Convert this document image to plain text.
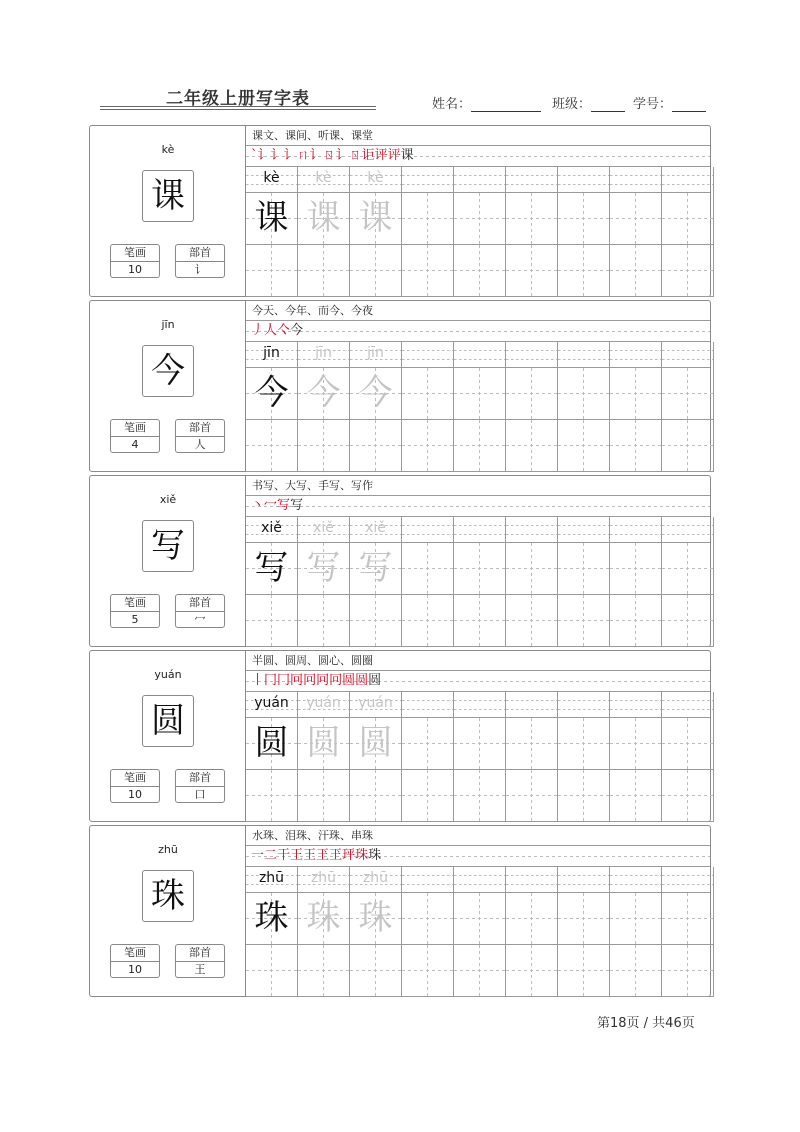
二年级上册写字表	姓名：	班级：	学号：
kè
课
笔画
10
部首
讠
课文、课间、听课、课堂
`讠讠讠ㄇ讠ㄖ讠ㄖ讵评评课
kè	kè	kè
课 课 课
jīn
今
笔画
4
部首
人
今天、今年、而今、今夜
丿人亽今
jīn	jīn	jīn
今 今 今
xiě
写
笔画
5
部首
冖
书写、大写、手写、写作
丶冖写写
xiě	xiě	xiě
写 写 写
yuán
圆
笔画
10
部首
口
半圆、圆周、圆心、圆圈
丨冂冂冋冋冋冋圆圆圆
yuán	yuán	yuán
圆 圆 圆
zhū
珠
笔画
10
部首
王
水珠、泪珠、汗珠、串珠
一二干王王玊玊玶珠珠
zhū	zhū	zhū
珠 珠 珠
第18页 / 共46页
